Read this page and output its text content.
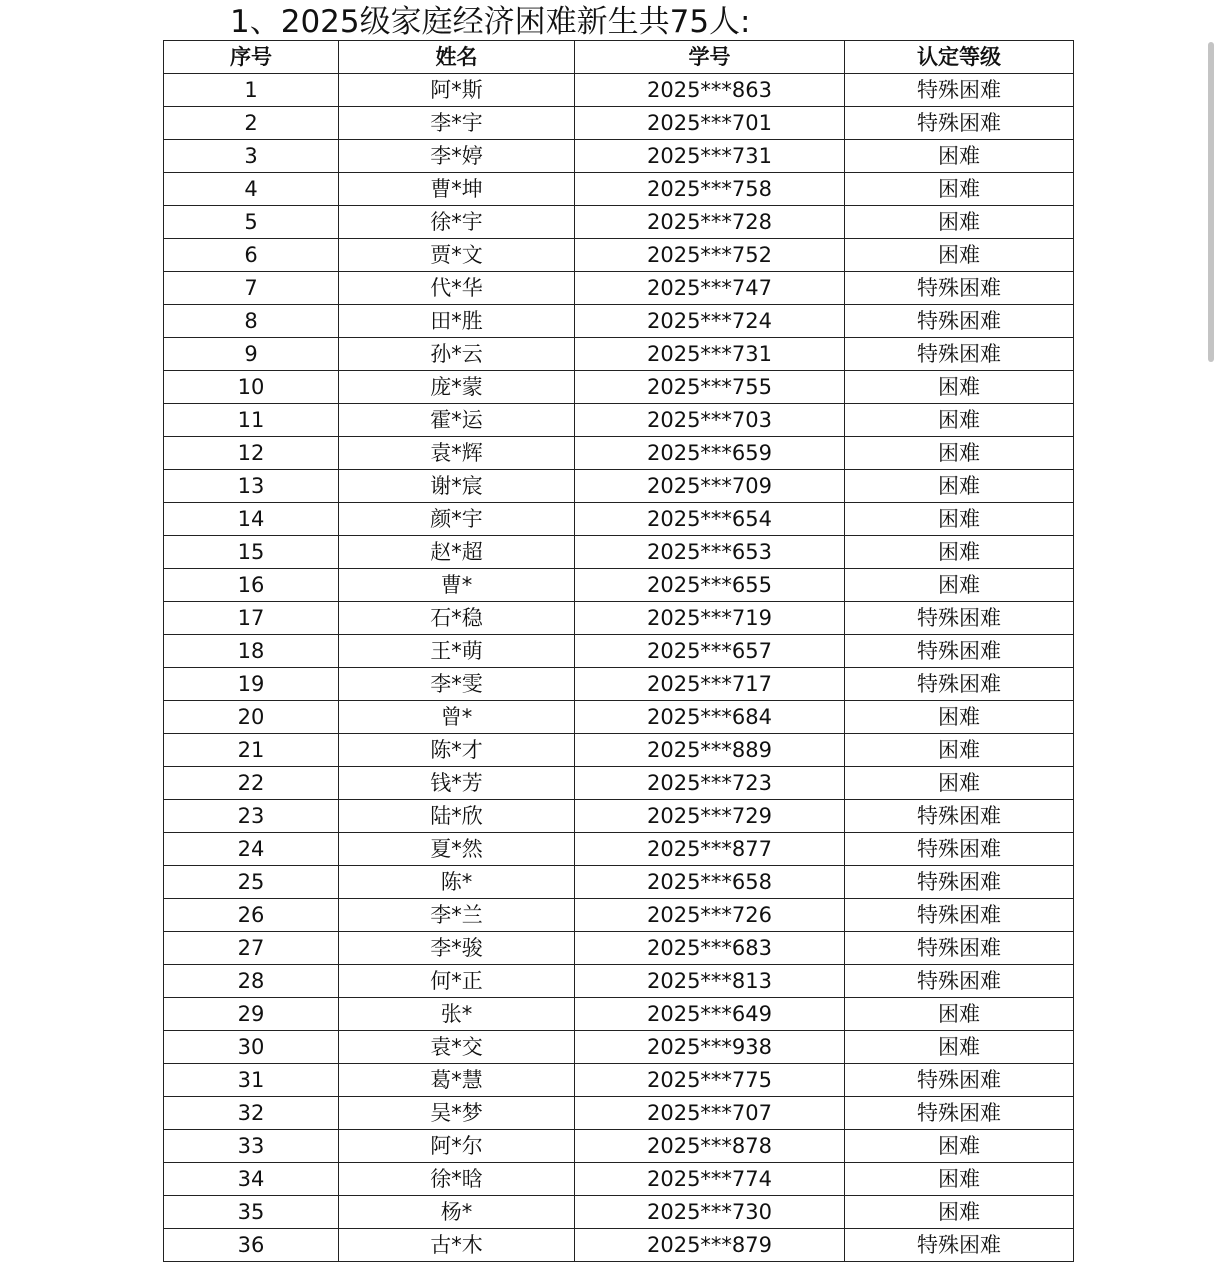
1、2025级家庭经济困难新生共75人:
序号	姓名	学号	认定等级
1	阿*斯	2025***863	特殊困难
2	李*宇	2025***701	特殊困难
3	李*婷	2025***731	困难
4	曹*坤	2025***758	困难
5	徐*宇	2025***728	困难
6	贾*文	2025***752	困难
7	代*华	2025***747	特殊困难
8	田*胜	2025***724	特殊困难
9	孙*云	2025***731	特殊困难
10	庞*蒙	2025***755	困难
11	霍*运	2025***703	困难
12	袁*辉	2025***659	困难
13	谢*宸	2025***709	困难
14	颜*宇	2025***654	困难
15	赵*超	2025***653	困难
16	曹*	2025***655	困难
17	石*稳	2025***719	特殊困难
18	王*萌	2025***657	特殊困难
19	李*雯	2025***717	特殊困难
20	曾*	2025***684	困难
21	陈*才	2025***889	困难
22	钱*芳	2025***723	困难
23	陆*欣	2025***729	特殊困难
24	夏*然	2025***877	特殊困难
25	陈*	2025***658	特殊困难
26	李*兰	2025***726	特殊困难
27	李*骏	2025***683	特殊困难
28	何*正	2025***813	特殊困难
29	张*	2025***649	困难
30	袁*交	2025***938	困难
31	葛*慧	2025***775	特殊困难
32	吴*梦	2025***707	特殊困难
33	阿*尔	2025***878	困难
34	徐*晗	2025***774	困难
35	杨*	2025***730	困难
36	古*木	2025***879	特殊困难
